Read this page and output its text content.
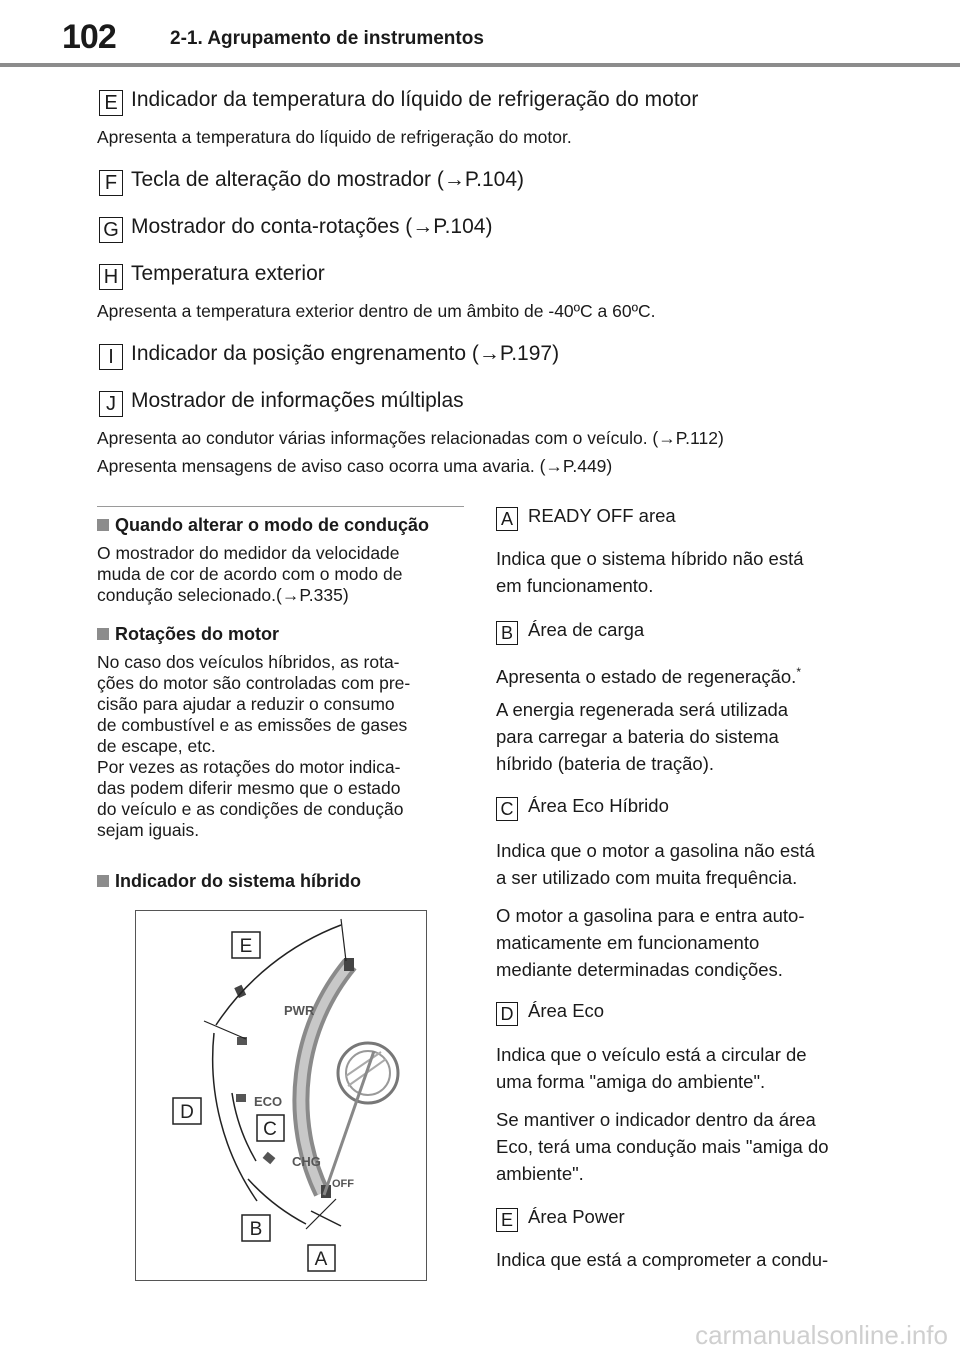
102	2-1. Agrupamento de instrumentos
E Indicador da temperatura do líquido de refrigeração do motor
Apresenta a temperatura do líquido de refrigeração do motor.
F Tecla de alteração do mostrador (→P.104)
G Mostrador do conta-rotações (→P.104)
H Temperatura exterior
Apresenta a temperatura exterior dentro de um âmbito de -40ºC a 60ºC.
I Indicador da posição engrenamento (→P.197)
J Mostrador de informações múltiplas
Apresenta ao condutor várias informações relacionadas com o veículo. (→P.112)
Apresenta mensagens de aviso caso ocorra uma avaria. (→P.449)
Quando alterar o modo de condução
O mostrador do medidor da velocidade
muda de cor de acordo com o modo de
condução selecionado.(→P.335)
Rotações do motor
No caso dos veículos híbridos, as rota-
ções do motor são controladas com pre-
cisão para ajudar a reduzir o consumo
de combustível e as emissões de gases
de escape, etc.
Por vezes as rotações do motor indica-
das podem diferir mesmo que o estado
do veículo e as condições de condução
sejam iguais.
Indicador do sistema híbrido
PWR
ECO
CHG
OFF
E
D
C
B
A
A READY OFF area
Indica que o sistema híbrido não está
em funcionamento.
B Área de carga
Apresenta o estado de regeneração.*
A energia regenerada será utilizada
para carregar a bateria do sistema
híbrido (bateria de tração).
C Área Eco Híbrido
Indica que o motor a gasolina não está
a ser utilizado com muita frequência.
O motor a gasolina para e entra auto-
maticamente em funcionamento
mediante determinadas condições.
D Área Eco
Indica que o veículo está a circular de
uma forma "amiga do ambiente".
Se mantiver o indicador dentro da área
Eco, terá uma condução mais "amiga do
ambiente".
E Área Power
Indica que está a comprometer a condu-
carmanualsonline.info
